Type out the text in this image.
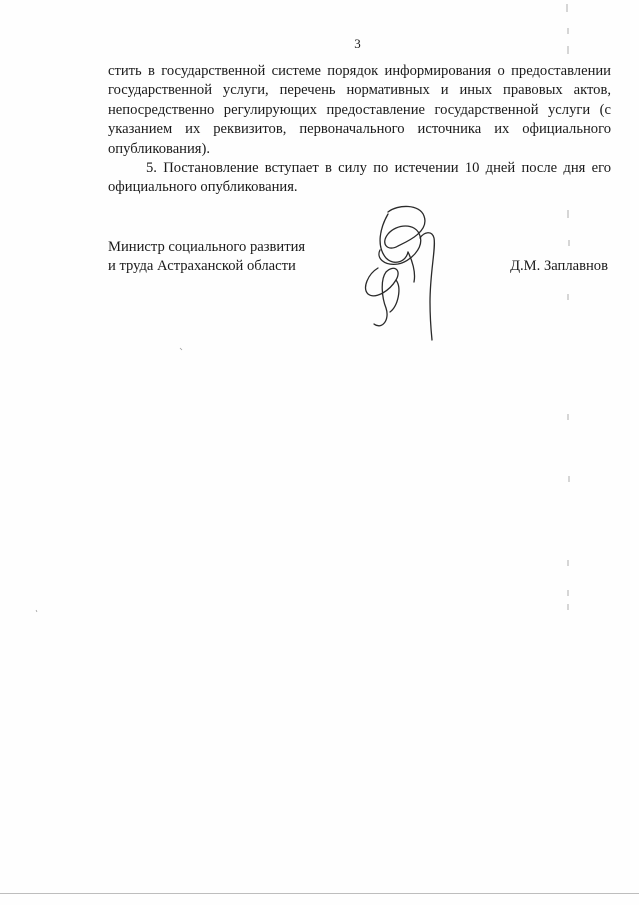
3

стить в государственной системе порядок информирования о предоставлении государственной услуги, перечень нормативных и иных правовых актов, непосредственно регулирующих предоставление государственной услуги (с указанием их реквизитов, первоначального источника их официального опубликования).

5. Постановление вступает в силу по истечении 10 дней после дня его официального опубликования.

Министр социального развития
и труда Астраханской области	Д.М. Заплавнов
